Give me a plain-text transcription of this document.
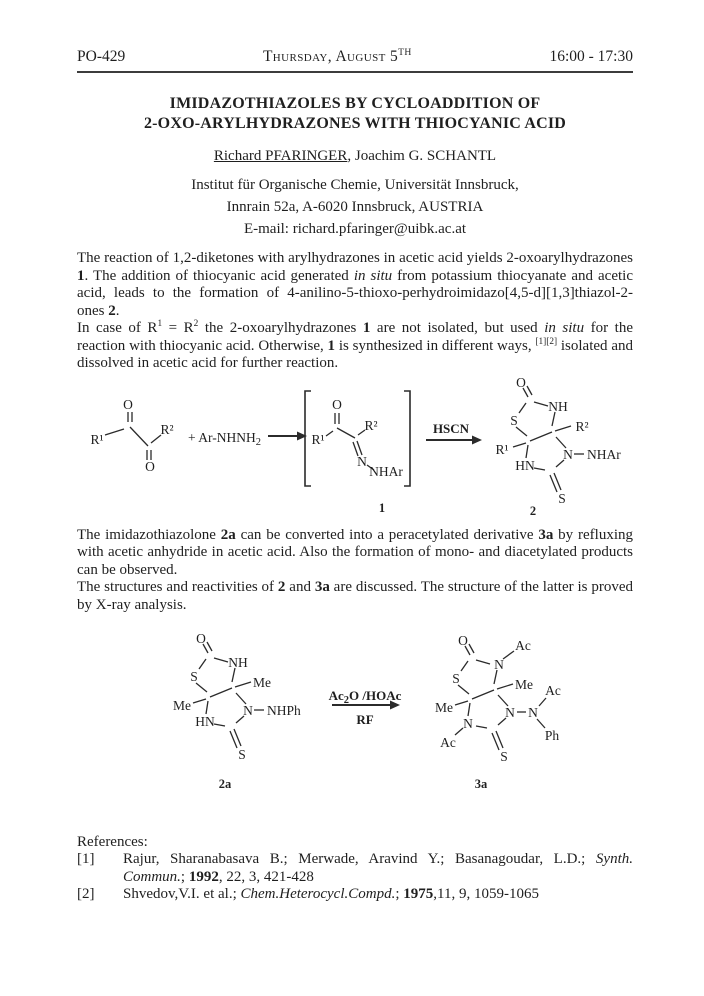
PO-429	Thursday, August 5TH	16:00 - 17:30
IMIDAZOTHIAZOLES BY CYCLOADDITION OF
2-OXO-ARYLHYDRAZONES WITH THIOCYANIC ACID
Richard PFARINGER, Joachim G. SCHANTL
Institut für Organische Chemie, Universität Innsbruck,
Innrain 52a, A-6020 Innsbruck, AUSTRIA
E-mail: richard.pfaringer@uibk.ac.at
The reaction of 1,2-diketones with arylhydrazones in acetic acid yields 2-oxoarylhydrazones 1. The addition of thiocyanic acid generated in situ from potassium thiocyanate and acetic acid, leads to the formation of 4-anilino-5-thioxo-perhydroimidazo[4,5-d][1,3]thiazol-2-ones 2.
In case of $R^1 = R^2$ the 2-oxoarylhydrazones 1 are not isolated, but used in situ for the reaction with thiocyanic acid. Otherwise, 1 is synthesized in different ways, [1][2] isolated and dissolved in acetic acid for further reaction.
R¹
O
O
R²
+ $Ar-NHNH_2$	R¹
O
R²
N
NHAr
1
HSCN
O
NH
S	R²
R¹
HN
N NHAr
S
2
The imidazothiazolone 2a can be converted into a peracetylated derivative 3a by refluxing with acetic anhydride in acetic acid. Also the formation of mono- and diacetylated products can be observed.
The structures and reactivities of 2 and 3a are discussed. The structure of the latter is proved by X-ray analysis.
O
NH
S	Me
Me
HN
N NHPh
S
2a
$Ac_2O$ /HOAc
RF
O	Ac
N
S	Me
Me
N
Ac
N N
Ac
Ph
S
3a
References:
[1]	Rajur, Sharanabasava B.; Merwade, Aravind Y.; Basanagoudar, L.D.; Synth. Commun.; 1992, 22, 3, 421-428
[2]	Shvedov,V.I. et al.; Chem.Heterocycl.Compd.; 1975,11, 9, 1059-1065
